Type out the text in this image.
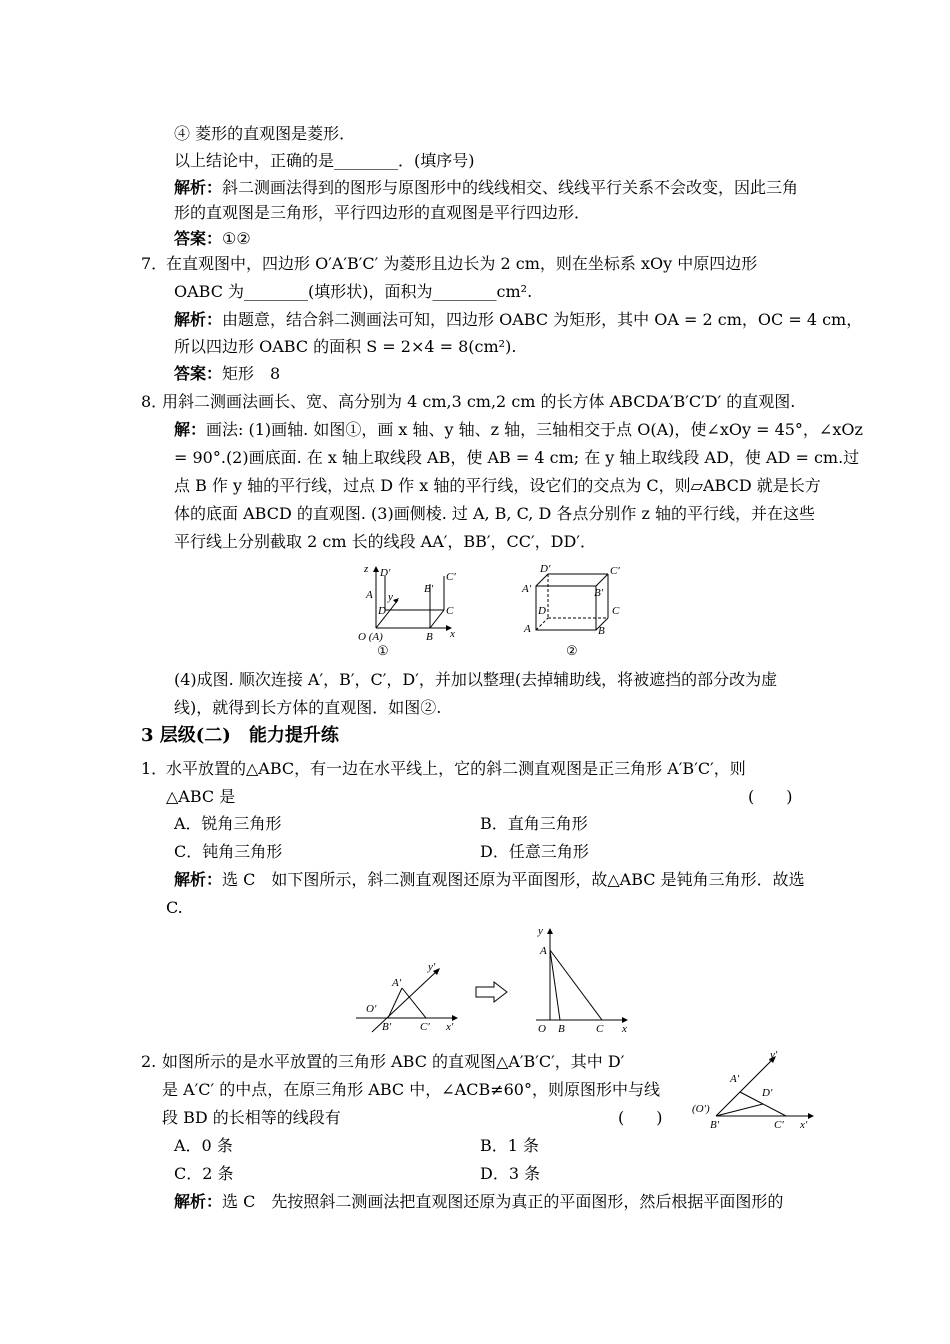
④ 菱形的直观图是菱形．
以上结论中，正确的是________．(填序号)
解析：斜二测画法得到的图形与原图形中的线线相交、线线平行关系不会改变，因此三角
形的直观图是三角形，平行四边形的直观图是平行四边形．
答案：①②
7．
在直观图中，四边形 O′A′B′C′ 为菱形且边长为 2 cm，则在坐标系 xOy 中原四边形
OABC 为________(填形状)，面积为________cm².
解析：由题意，结合斜二测画法可知，四边形 OABC 为矩形，其中 OA = 2 cm，OC = 4 cm，
所以四边形 OABC 的面积 S = 2×4 = 8(cm²).
答案：矩形　8
8．
用斜二测画法画长、宽、高分别为 4 cm,3 cm,2 cm 的长方体 ABCDA′B′C′D′ 的直观图.
解：画法: (1)画轴. 如图①，画 x 轴、y 轴、z 轴，三轴相交于点 O(A)，使∠xOy = 45°，∠xOz
= 90°.(2)画底面. 在 x 轴上取线段 AB，使 AB = 4 cm; 在 y 轴上取线段 AD，使 AD = cm.过
点 B 作 y 轴的平行线，过点 D 作 x 轴的平行线，设它们的交点为 C，则▱ABCD 就是长方
体的底面 ABCD 的直观图. (3)画侧棱. 过 A, B, C, D 各点分别作 z 轴的平行线，并在这些
平行线上分别截取 2 cm 长的线段 AA′，BB′，CC′，DD′．
z D′	C′
B′
A y
D	C
O (A)	B x
①
D′	C′
A′	B′
D	C
A	B
②
(4)成图. 顺次连接 A′，B′，C′，D′，并加以整理(去掉辅助线，将被遮挡的部分改为虚
线)，就得到长方体的直观图．如图②.
3 层级(二)　能力提升练
1．
水平放置的△ABC，有一边在水平线上，它的斜二测直观图是正三角形 A′B′C′，则
△ABC 是	(　　)
A．锐角三角形	B．直角三角形
C．钝角三角形	D．任意三角形
解析：选 C　如下图所示，斜二测直观图还原为平面图形，故△ABC 是钝角三角形．故选
C.
y′
A′
O′
B′	C′ x′
y
A
O B	C x
2. 如图所示的是水平放置的三角形 ABC 的直观图△A′B′C′，其中 D′
是 A′C′ 的中点，在原三角形 ABC 中，∠ACB≠60°，则原图形中与线
段 BD 的长相等的线段有	(　　)
A．0 条	B．1 条
C．2 条	D．3 条
解析：选 C　先按照斜二测画法把直观图还原为真正的平面图形，然后根据平面图形的
y′
A′
D′
(O′)
B′	C′ x′
